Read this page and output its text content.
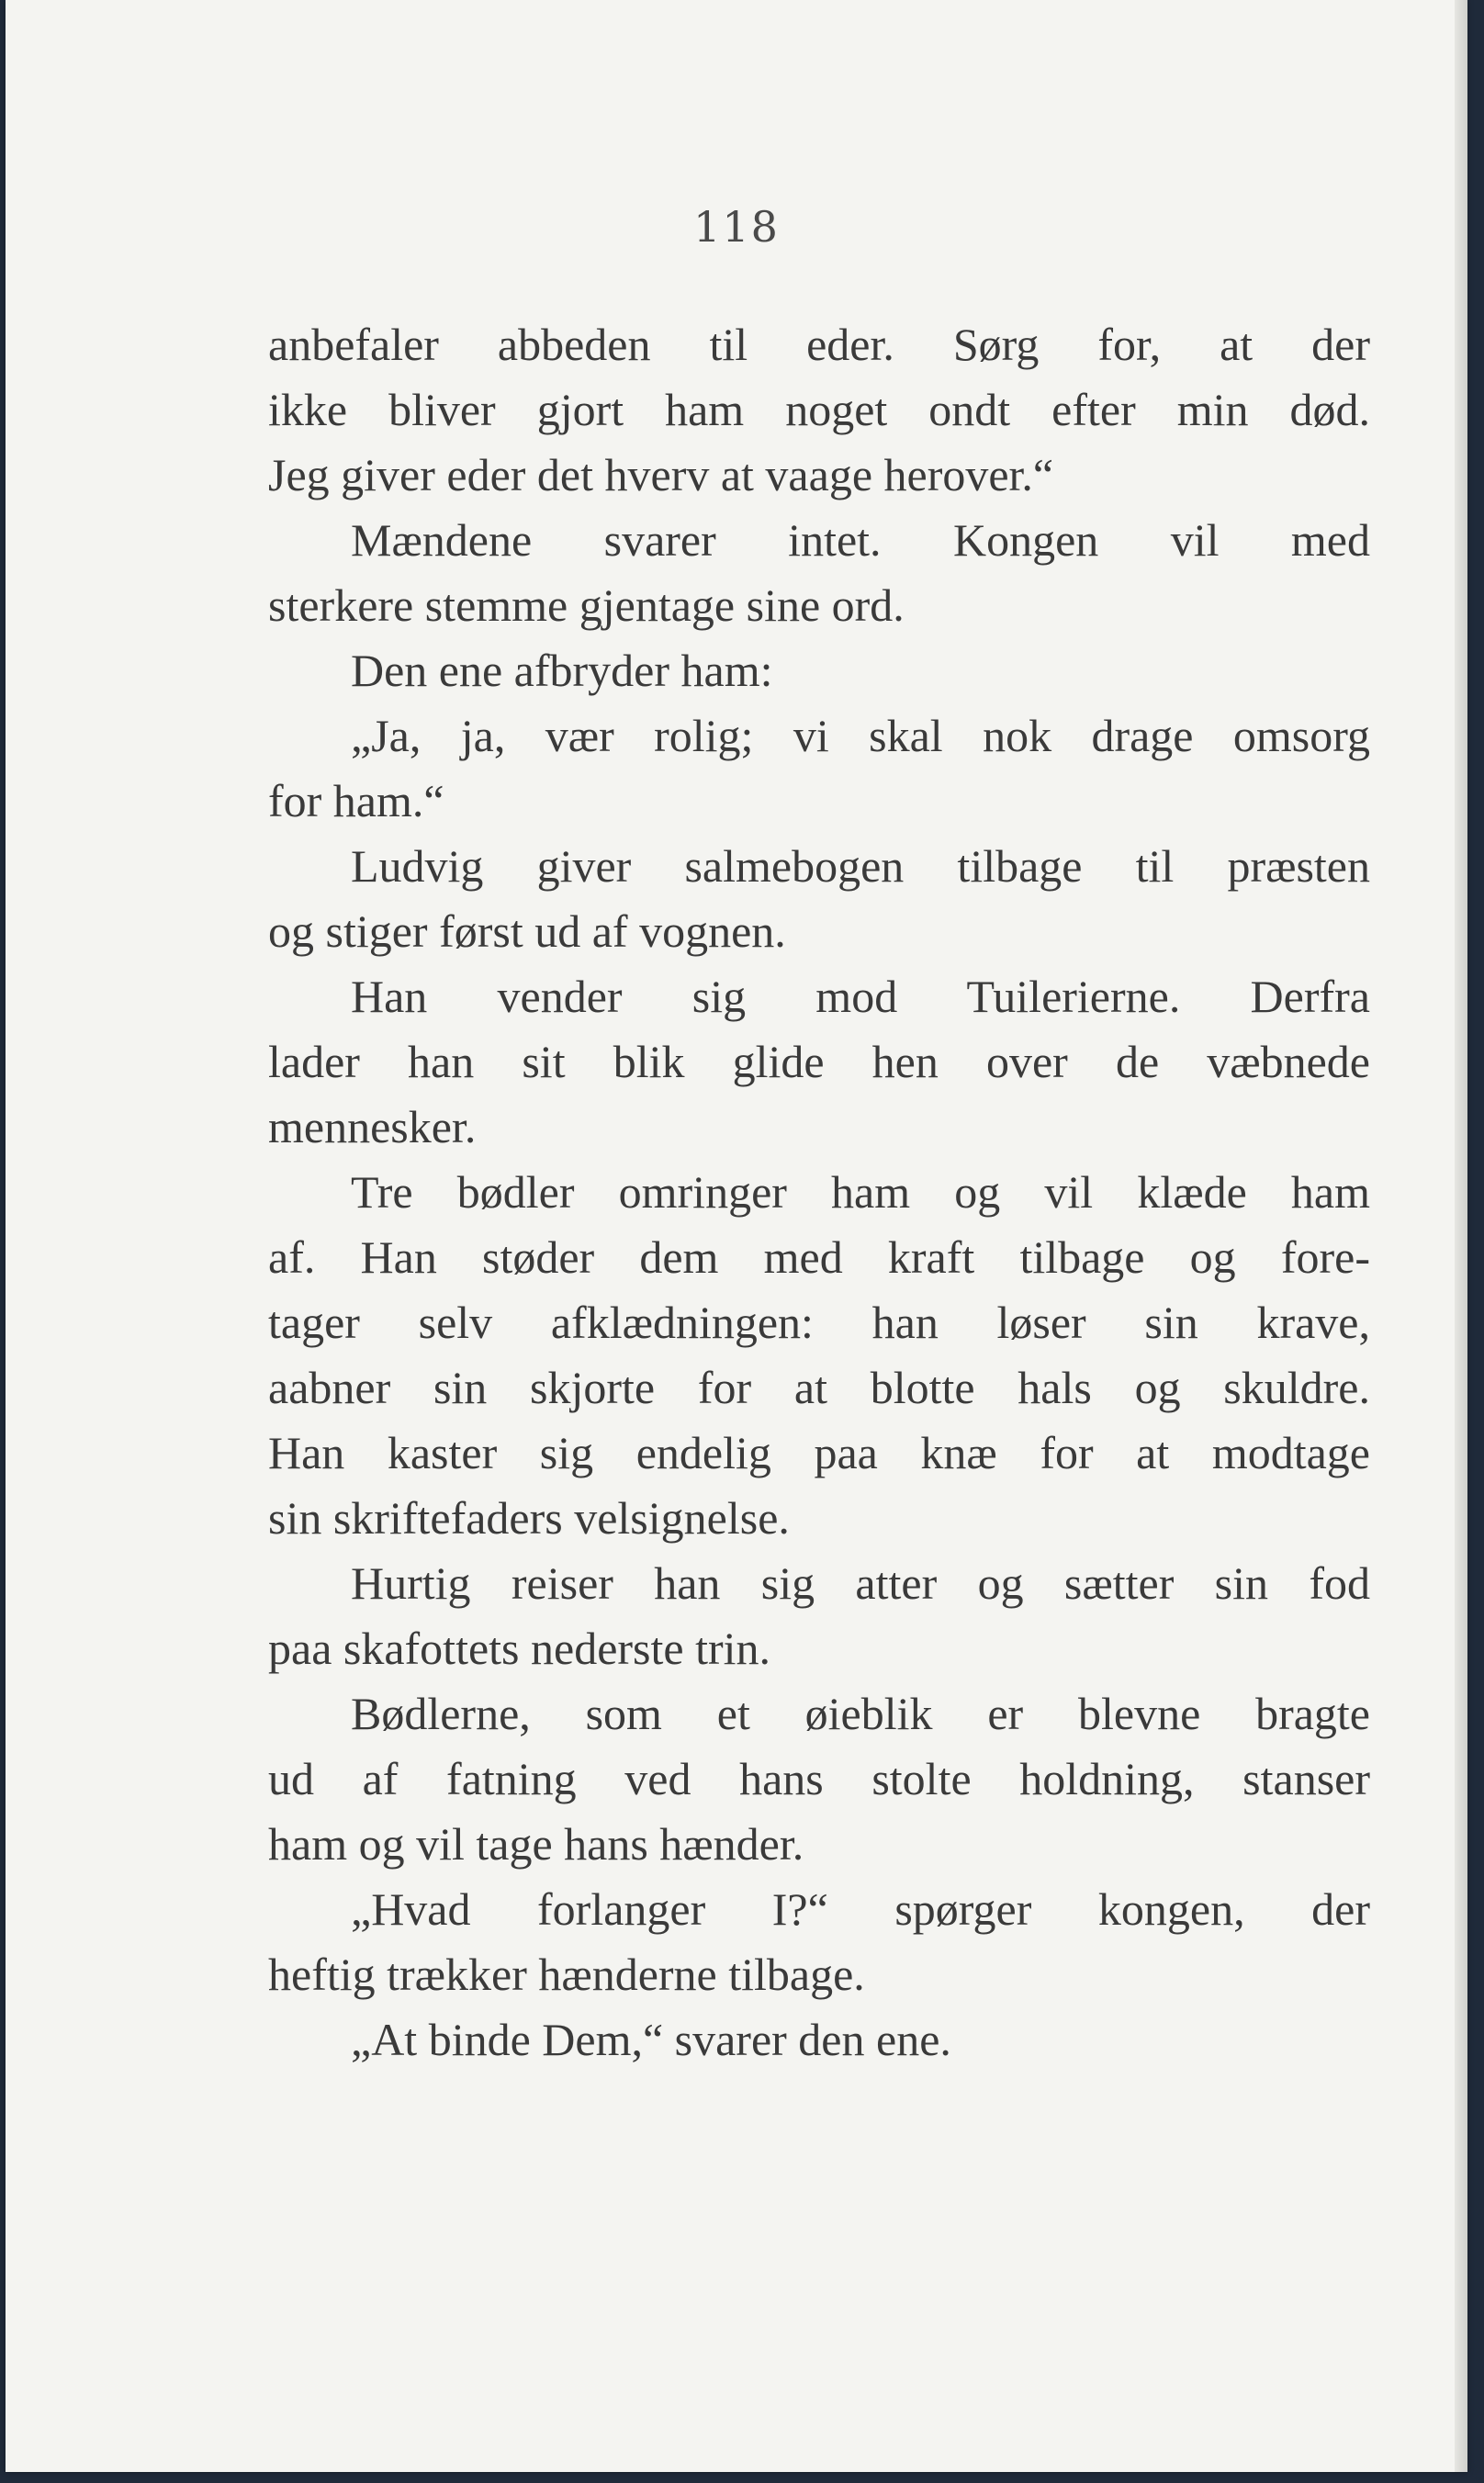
118
anbefaler abbeden til eder. Sørg for, at der
ikke bliver gjort ham noget ondt efter min død.
Jeg giver eder det hverv at vaage herover.“
Mændene svarer intet. Kongen vil med
sterkere stemme gjentage sine ord.
Den ene afbryder ham:
„Ja, ja, vær rolig; vi skal nok drage omsorg
for ham.“
Ludvig giver salmebogen tilbage til præsten
og stiger først ud af vognen.
Han vender sig mod Tuilerierne. Derfra
lader han sit blik glide hen over de væbnede
mennesker.
Tre bødler omringer ham og vil klæde ham
af. Han støder dem med kraft tilbage og fore-
tager selv afklædningen: han løser sin krave,
aabner sin skjorte for at blotte hals og skuldre.
Han kaster sig endelig paa knæ for at modtage
sin skriftefaders velsignelse.
Hurtig reiser han sig atter og sætter sin fod
paa skafottets nederste trin.
Bødlerne, som et øieblik er blevne bragte
ud af fatning ved hans stolte holdning, stanser
ham og vil tage hans hænder.
„Hvad forlanger I?“ spørger kongen, der
heftig trækker hænderne tilbage.
„At binde Dem,“ svarer den ene.
